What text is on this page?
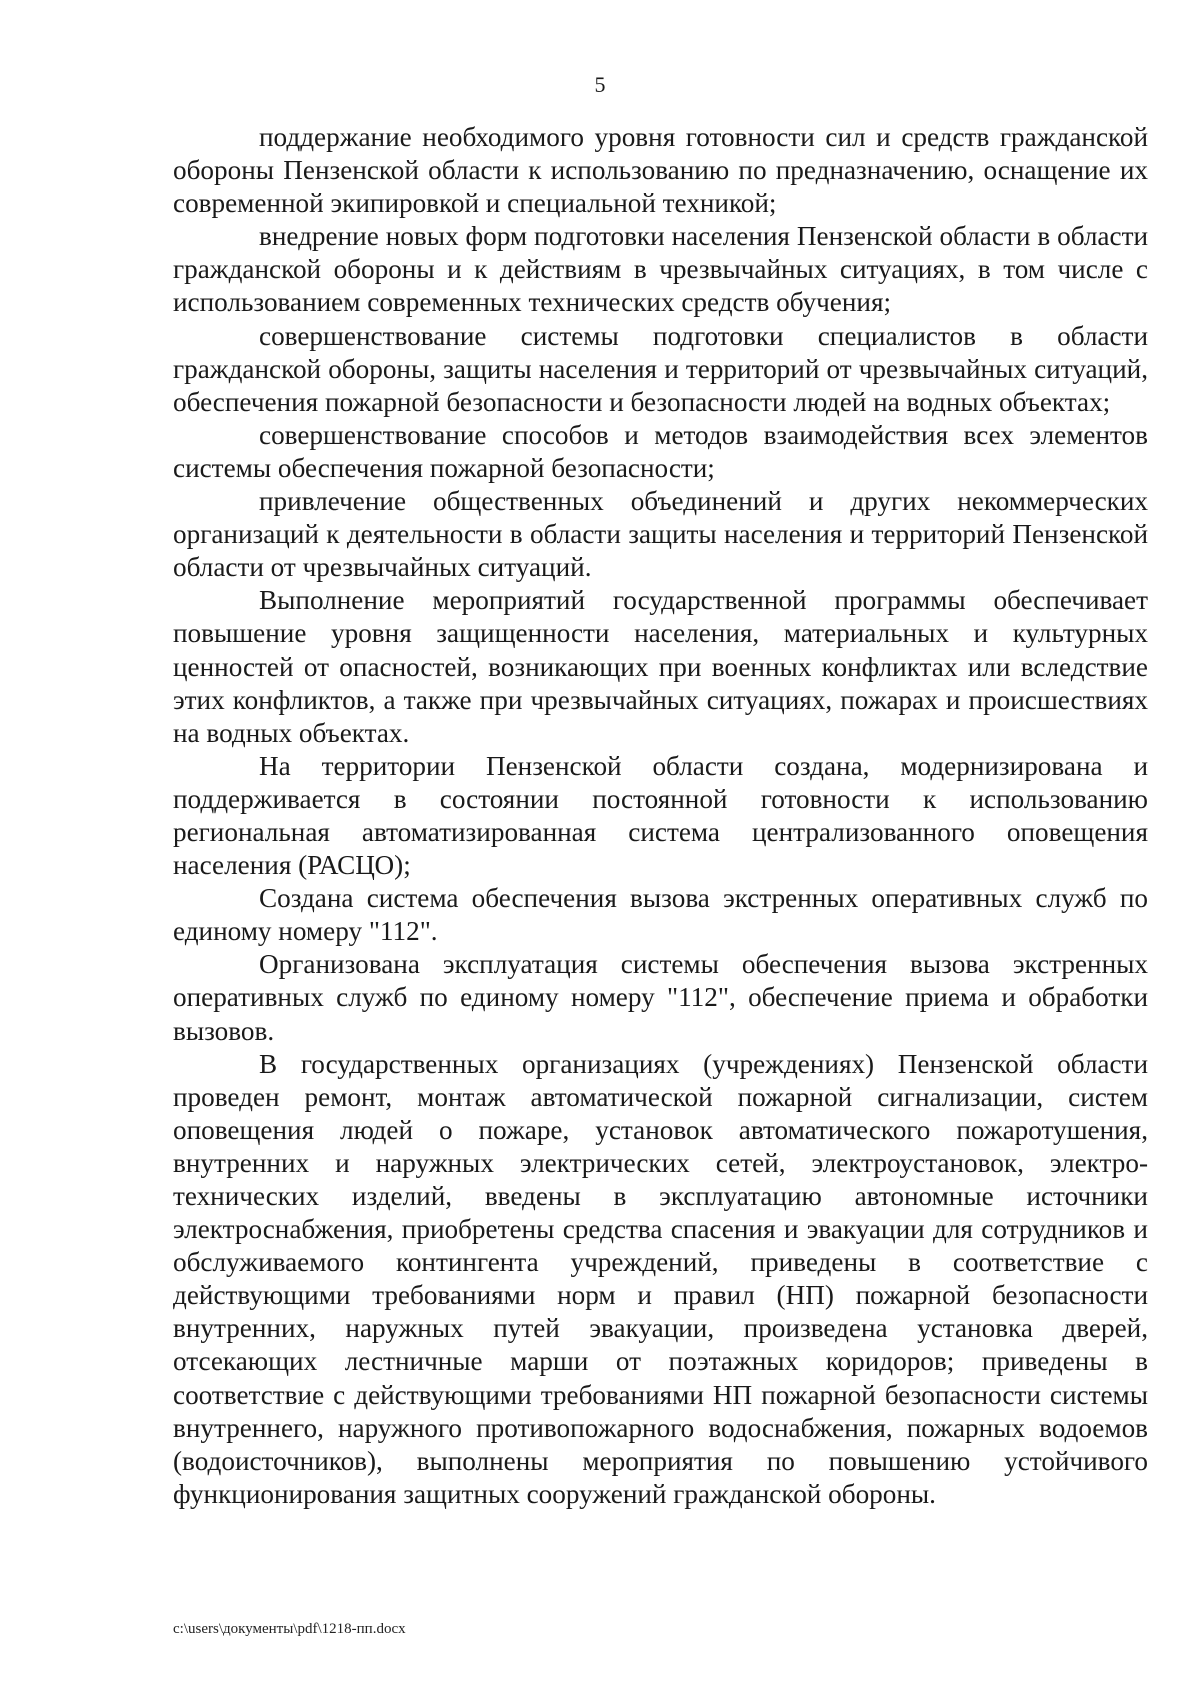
5

поддержание необходимого уровня готовности сил и средств гражданской обороны Пензенской области к использованию по предназначению, оснащение их современной экипировкой и специальной техникой;

внедрение новых форм подготовки населения Пензенской области в области гражданской обороны и к действиям в чрезвычайных ситуациях, в том числе с использованием современных технических средств обучения;

совершенствование системы подготовки специалистов в области гражданской обороны, защиты населения и территорий от чрезвычайных ситуаций, обеспечения пожарной безопасности и безопасности людей на водных объектах;

совершенствование способов и методов взаимодействия всех элементов системы обеспечения пожарной безопасности;

привлечение общественных объединений и других некоммерческих организаций к деятельности в области защиты населения и территорий Пензенской области от чрезвычайных ситуаций.

Выполнение мероприятий государственной программы обеспечивает повышение уровня защищенности населения, материальных и культурных ценностей от опасностей, возникающих при военных конфликтах или вследствие этих конфликтов, а также при чрезвычайных ситуациях, пожарах и происшествиях на водных объектах.

На территории Пензенской области создана, модернизирована и поддерживается в состоянии постоянной готовности к использованию региональная автоматизированная система централизованного оповещения населения (РАСЦО);

Создана система обеспечения вызова экстренных оперативных служб по единому номеру "112".

Организована эксплуатация системы обеспечения вызова экстренных оперативных служб по единому номеру "112", обеспечение приема и обработки вызовов.

В государственных организациях (учреждениях) Пензенской области проведен ремонт, монтаж автоматической пожарной сигнализации, систем оповещения людей о пожаре, установок автоматического пожаротушения, внутренних и наружных электрических сетей, электроустановок, электротехнических изделий, введены в эксплуатацию автономные источники электроснабжения, приобретены средства спасения и эвакуации для сотрудников и обслуживаемого контингента учреждений, приведены в соответствие с действующими требованиями норм и правил (НП) пожарной безопасности внутренних, наружных путей эвакуации, произведена установка дверей, отсекающих лестничные марши от поэтажных коридоров; приведены в соответствие с действующими требованиями НП пожарной безопасности системы внутреннего, наружного противопожарного водоснабжения, пожарных водоемов (водоисточников), выполнены мероприятия по повышению устойчивого функционирования защитных сооружений гражданской обороны.

c:\users\документы\pdf\1218-пп.docx
